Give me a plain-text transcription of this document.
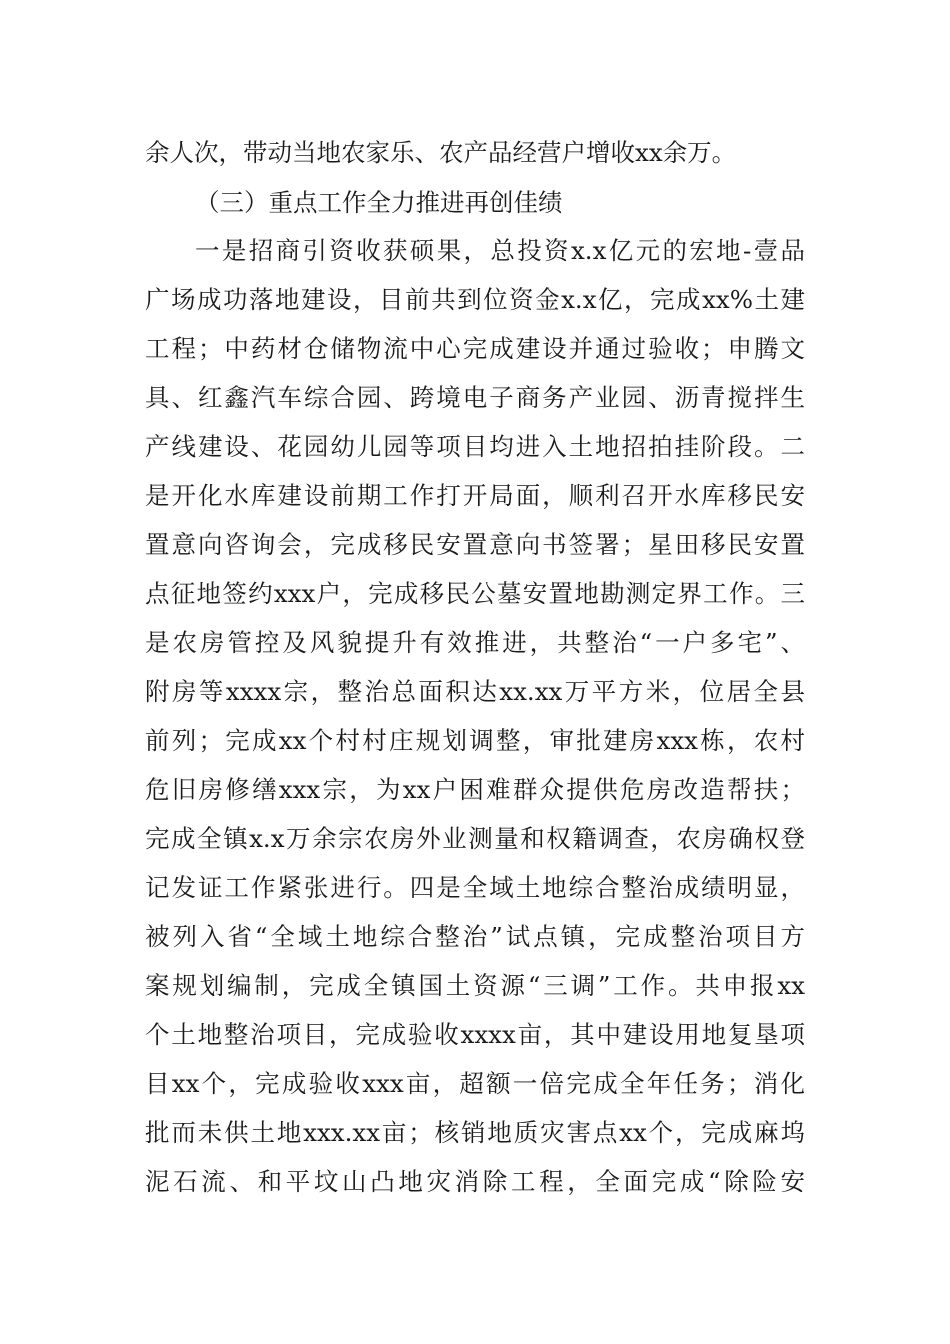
余人次，带动当地农家乐、农产品经营户增收xx余万。
（三）重点工作全力推进再创佳绩
一是招商引资收获硕果，总投资x.x亿元的宏地-壹品
广场成功落地建设，目前共到位资金x.x亿，完成xx%土建
工程；中药材仓储物流中心完成建设并通过验收；申腾文
具、红鑫汽车综合园、跨境电子商务产业园、沥青搅拌生
产线建设、花园幼儿园等项目均进入土地招拍挂阶段。二
是开化水库建设前期工作打开局面，顺利召开水库移民安
置意向咨询会，完成移民安置意向书签署；星田移民安置
点征地签约xxx户，完成移民公墓安置地勘测定界工作。三
是农房管控及风貌提升有效推进，共整治“一户多宅”、
附房等xxxx宗，整治总面积达xx.xx万平方米，位居全县
前列；完成xx个村村庄规划调整，审批建房xxx栋，农村
危旧房修缮xxx宗，为xx户困难群众提供危房改造帮扶；
完成全镇x.x万余宗农房外业测量和权籍调查，农房确权登
记发证工作紧张进行。四是全域土地综合整治成绩明显，
被列入省“全域土地综合整治”试点镇，完成整治项目方
案规划编制，完成全镇国土资源“三调”工作。共申报xx
个土地整治项目，完成验收xxxx亩，其中建设用地复垦项
目xx个，完成验收xxx亩，超额一倍完成全年任务；消化
批而未供土地xxx.xx亩；核销地质灾害点xx个，完成麻坞
泥石流、和平坟山凸地灾消除工程，全面完成“除险安
